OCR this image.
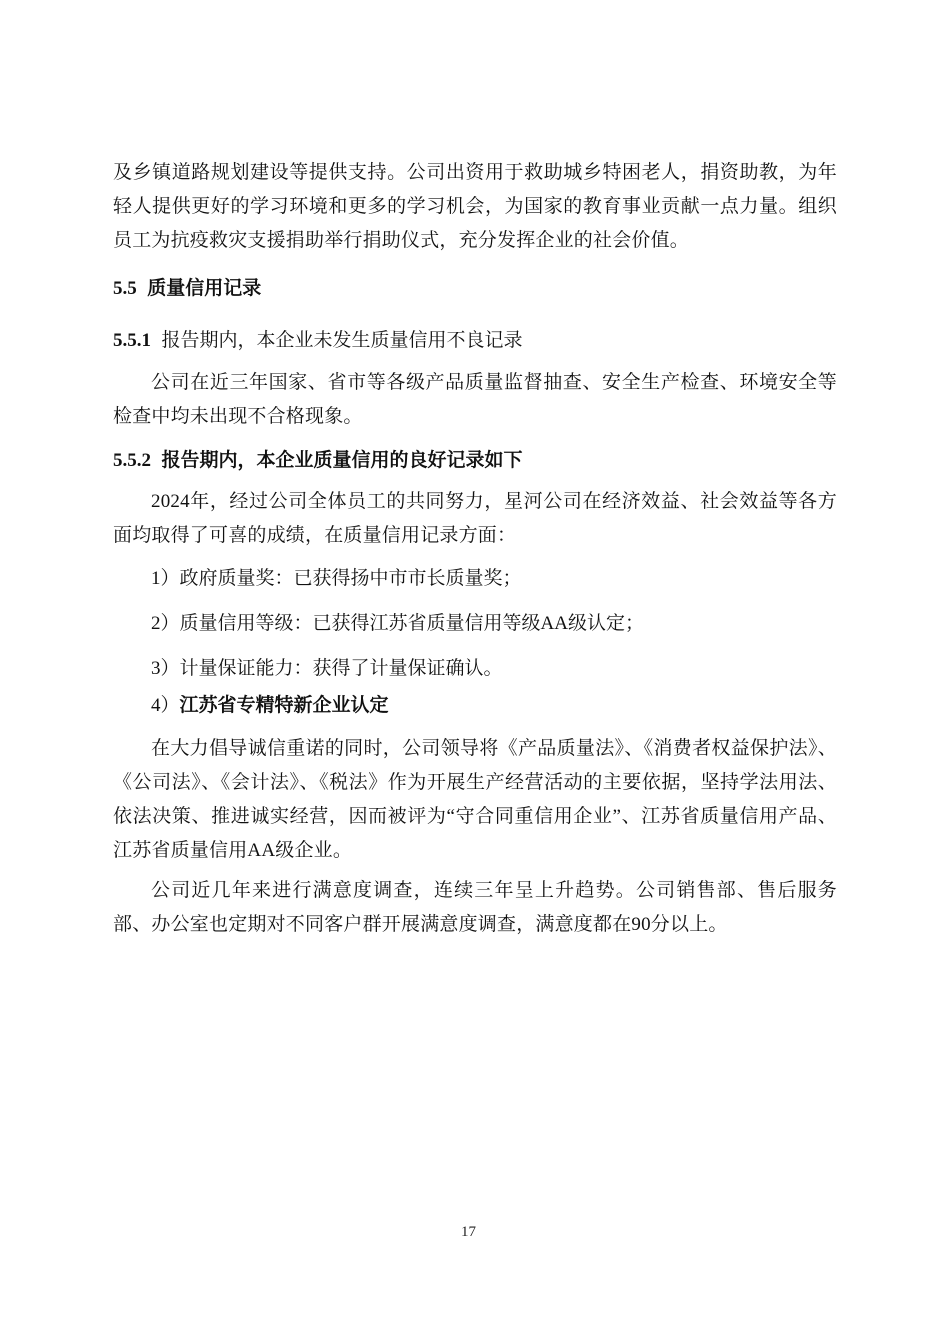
及乡镇道路规划建设等提供支持。公司出资用于救助城乡特困老人，捐资助教，为年轻人提供更好的学习环境和更多的学习机会，为国家的教育事业贡献一点力量。组织员工为抗疫救灾支援捐助举行捐助仪式，充分发挥企业的社会价值。

5.5 质量信用记录
5.5.1 报告期内，本企业未发生质量信用不良记录

公司在近三年国家、省市等各级产品质量监督抽查、安全生产检查、环境安全等检查中均未出现不合格现象。

5.5.2 报告期内，本企业质量信用的良好记录如下

2024年，经过公司全体员工的共同努力，星河公司在经济效益、社会效益等各方面均取得了可喜的成绩，在质量信用记录方面：

1）政府质量奖：已获得扬中市市长质量奖；

2）质量信用等级：已获得江苏省质量信用等级AA级认定；

3）计量保证能力：获得了计量保证确认。

4）江苏省专精特新企业认定

在大力倡导诚信重诺的同时，公司领导将《产品质量法》、《消费者权益保护法》、《公司法》、《会计法》、《税法》作为开展生产经营活动的主要依据，坚持学法用法、依法决策、推进诚实经营，因而被评为“守合同重信用企业”、江苏省质量信用产品、江苏省质量信用AA级企业。

公司近几年来进行满意度调查，连续三年呈上升趋势。公司销售部、售后服务部、办公室也定期对不同客户群开展满意度调查，满意度都在90分以上。

17
